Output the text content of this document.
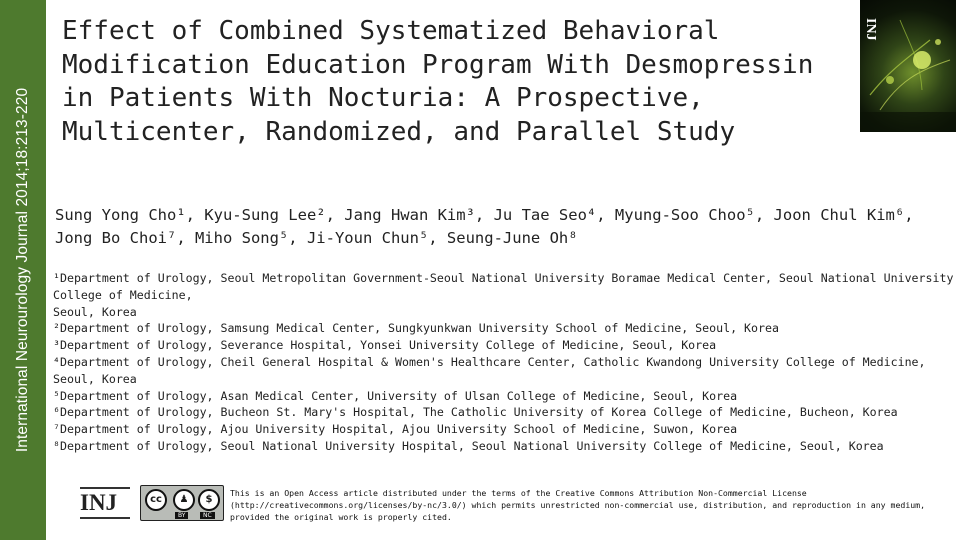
International Neurourology Journal 2014;18:213-220
Effect of Combined Systematized Behavioral Modification Education Program With Desmopressin in Patients With Nocturia: A Prospective, Multicenter, Randomized, and Parallel Study
INJ
Sung Yong Cho¹, Kyu-Sung Lee², Jang Hwan Kim³, Ju Tae Seo⁴, Myung-Soo Choo⁵, Joon Chul Kim⁶, Jong Bo Choi⁷, Miho Song⁵, Ji-Youn Chun⁵, Seung-June Oh⁸
¹Department of Urology, Seoul Metropolitan Government-Seoul National University Boramae Medical Center, Seoul National University
College of Medicine,
Seoul, Korea
²Department of Urology, Samsung Medical Center, Sungkyunkwan University School of Medicine, Seoul, Korea
³Department of Urology, Severance Hospital, Yonsei University College of Medicine, Seoul, Korea
⁴Department of Urology, Cheil General Hospital & Women's Healthcare Center, Catholic Kwandong University College of Medicine,
Seoul, Korea
⁵Department of Urology, Asan Medical Center, University of Ulsan College of Medicine, Seoul, Korea
⁶Department of Urology, Bucheon St. Mary's Hospital, The Catholic University of Korea College of Medicine, Bucheon, Korea
⁷Department of Urology, Ajou University Hospital, Ajou University School of Medicine, Suwon, Korea
⁸Department of Urology, Seoul National University Hospital, Seoul National University College of Medicine, Seoul, Korea
INJ	cc	♟	$
BY	NC
This is an Open Access article distributed under the terms of the Creative Commons Attribution Non-Commercial License (http://creativecommons.org/licenses/by-nc/3.0/) which permits unrestricted non-commercial use, distribution, and reproduction in any medium, provided the original work is properly cited.
